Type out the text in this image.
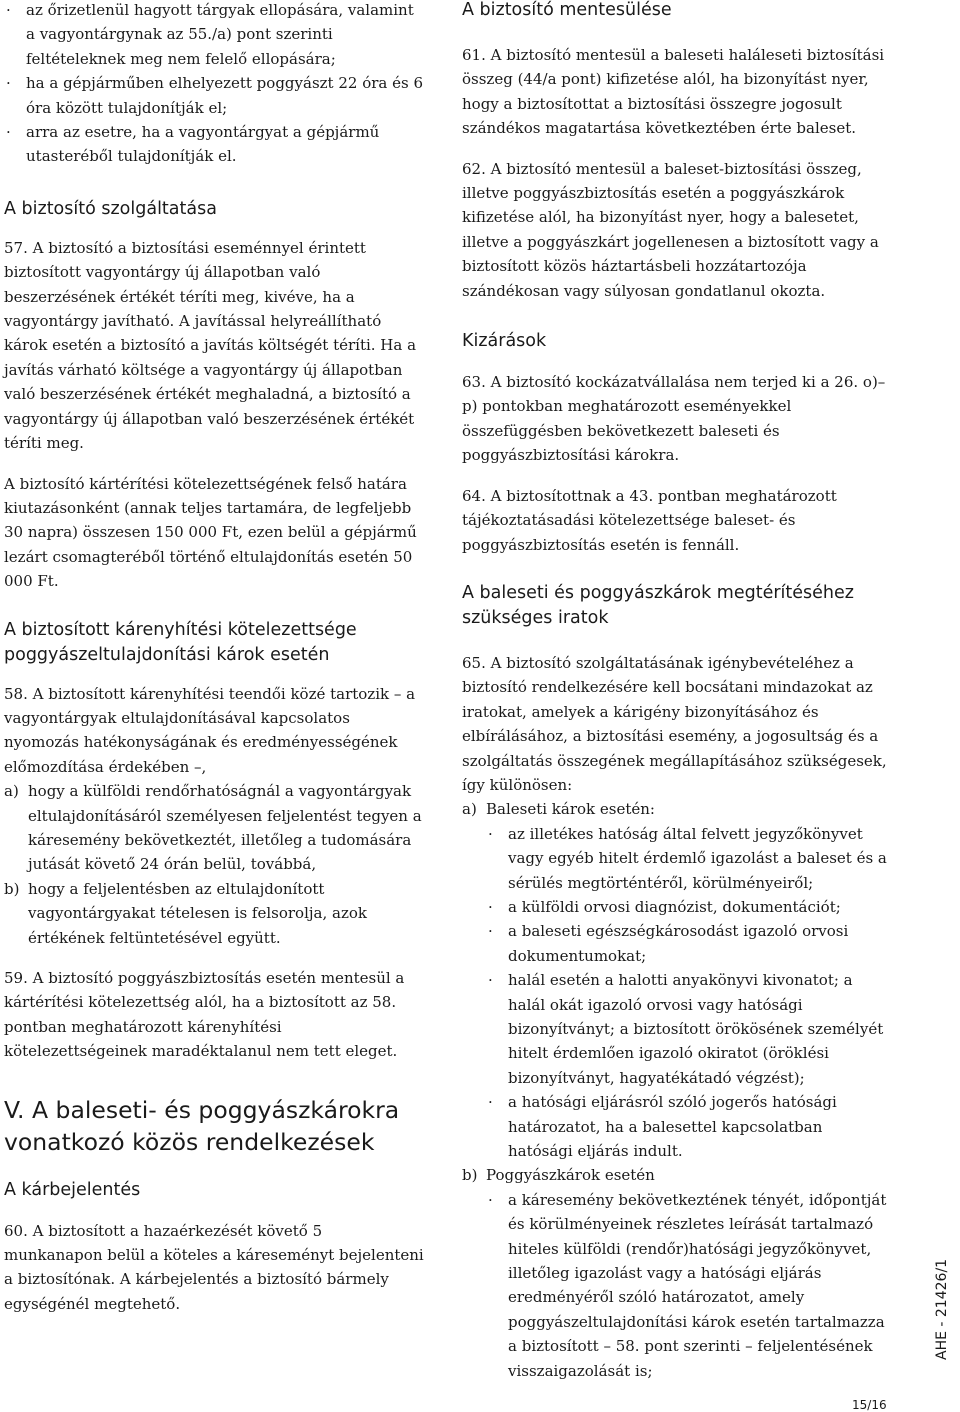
· az őrizetlenül hagyott tárgyak ellopására, valamint a vagyontárgynak az 55./a) pont szerinti feltételeknek meg nem felelő ellopására;
· ha a gépjárműben elhelyezett poggyászt 22 óra és 6 óra között tulajdonítják el;
· arra az esetre, ha a vagyontárgyat a gépjármű utasteréből tulajdonítják el.
A biztosító szolgáltatása

57. A biztosító a biztosítási eseménnyel érintett biztosított vagyontárgy új állapotban való beszerzésének értékét téríti meg, kivéve, ha a vagyontárgy javítható. A javítással helyreállítható károk esetén a biztosító a javítás költségét téríti. Ha a javítás várható költsége a vagyontárgy új állapotban való beszerzésének értékét meghaladná, a biztosító a vagyontárgy új állapotban való beszerzésének értékét téríti meg.

A biztosító kártérítési kötelezettségének felső határa kiutazásonként (annak teljes tartamára, de legfeljebb 30 napra) összesen 150 000 Ft, ezen belül a gépjármű lezárt csomagteréből történő eltulajdonítás esetén 50 000 Ft.

A biztosított kárenyhítési kötelezettsége
poggyászeltulajdonítási károk esetén

58. A biztosított kárenyhítési teendői közé tartozik – a vagyontárgyak eltulajdonításával kapcsolatos nyomozás hatékonyságának és eredményességének előmozdítása érdekében –,

a) hogy a külföldi rendőrhatóságnál a vagyontárgyak eltulajdonításáról személyesen feljelentést tegyen a káresemény bekövetkeztét, illetőleg a tudomására jutását követő 24 órán belül, továbbá,
b) hogy a feljelentésben az eltulajdonított vagyontárgyakat tételesen is felsorolja, azok értékének feltüntetésével együtt.

59. A biztosító poggyászbiztosítás esetén mentesül a kártérítési kötelezettség alól, ha a biztosított az 58. pontban meghatározott kárenyhítési kötelezettségeinek maradéktalanul nem tett eleget.

V. A baleseti- és poggyászkárokra
vonatkozó közös rendelkezések
A kárbejelentés

60. A biztosított a hazaérkezését követő 5 munkanapon belül a köteles a káreseményt bejelenteni a biztosítónak. A kárbejelentés a biztosító bármely egységénél megtehető.

A biztosító mentesülése

61. A biztosító mentesül a baleseti haláleseti biztosítási összeg (44/a pont) kifizetése alól, ha bizonyítást nyer, hogy a biztosítottat a biztosítási összegre jogosult szándékos magatartása következtében érte baleset.

62. A biztosító mentesül a baleset-biztosítási összeg, illetve poggyászbiztosítás esetén a poggyászkárok kifizetése alól, ha bizonyítást nyer, hogy a balesetet, illetve a poggyászkárt jogellenesen a biztosított vagy a biztosított közös háztartásbeli hozzátartozója szándékosan vagy súlyosan gondatlanul okozta.

Kizárások

63. A biztosító kockázatvállalása nem terjed ki a 26. o)–p) pontokban meghatározott eseményekkel összefüggésben bekövetkezett baleseti és poggyászbiztosítási károkra.

64. A biztosítottnak a 43. pontban meghatározott tájékoztatásadási kötelezettsége baleset- és poggyászbiztosítás esetén is fennáll.

A baleseti és poggyászkárok megtérítéséhez
szükséges iratok

65. A biztosító szolgáltatásának igénybevételéhez a biztosító rendelkezésére kell bocsátani mindazokat az iratokat, amelyek a kárigény bizonyításához és elbírálásához, a biztosítási esemény, a jogosultság és a szolgáltatás összegének megállapításához szükségesek, így különösen:

a) Baleseti károk esetén:
· az illetékes hatóság által felvett jegyzőkönyvet vagy egyéb hitelt érdemlő igazolást a baleset és a sérülés megtörténtéről, körülményeiről;
· a külföldi orvosi diagnózist, dokumentációt;
· a baleseti egészségkárosodást igazoló orvosi dokumentumokat;
· halál esetén a halotti anyakönyvi kivonatot; a halál okát igazoló orvosi vagy hatósági bizonyítványt; a biztosított örökösének személyét hitelt érdemlően igazoló okiratot (öröklési bizonyítványt, hagyatékátadó végzést);
· a hatósági eljárásról szóló jogerős hatósági határozatot, ha a balesettel kapcsolatban hatósági eljárás indult.
b) Poggyászkárok esetén
· a káresemény bekövetkeztének tényét, időpontját és körülményeinek részletes leírását tartalmazó hiteles külföldi (rendőr)hatósági jegyzőkönyvet, illetőleg igazolást vagy a hatósági eljárás eredményéről szóló határozatot, amely poggyászeltulajdonítási károk esetén tartalmazza a biztosított – 58. pont szerinti – feljelentésének visszaigazolását is;
AHE - 21426/1
15/16
